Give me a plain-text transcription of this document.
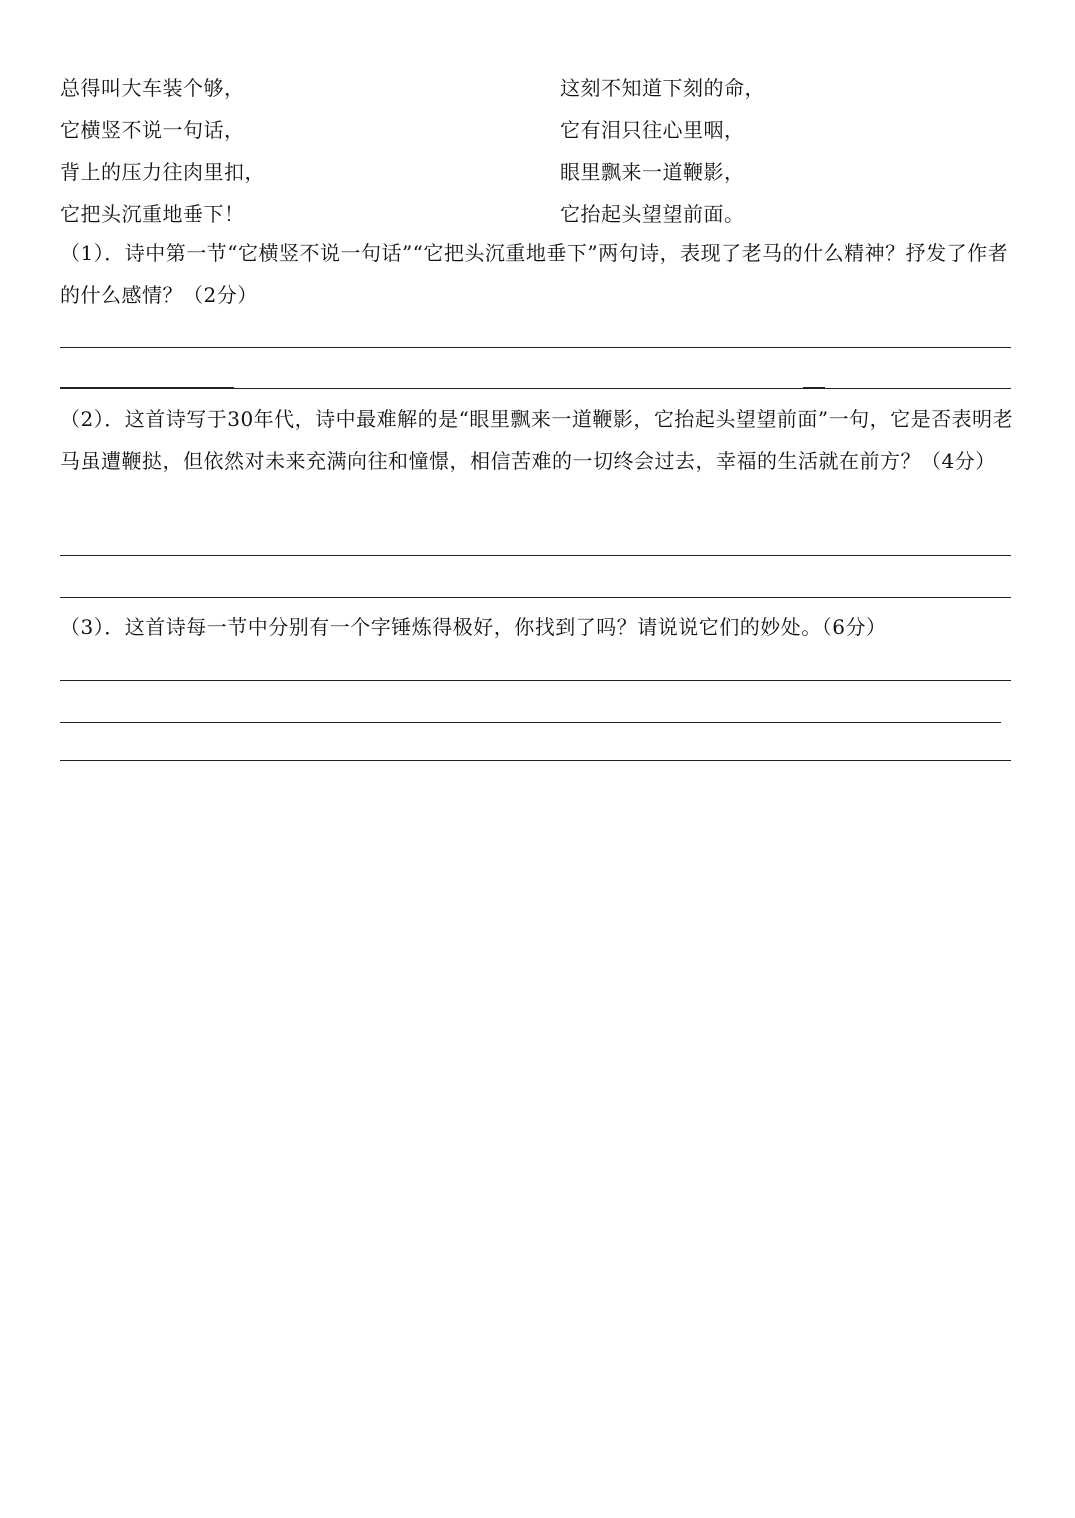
总得叫大车装个够，
它横竖不说一句话，
背上的压力往肉里扣，
它把头沉重地垂下！
这刻不知道下刻的命，
它有泪只往心里咽，
眼里飘来一道鞭影，
它抬起头望望前面。
（1）．诗中第一节“它横竖不说一句话”“它把头沉重地垂下”两句诗，表现了老马的什么精神？抒发了作者的什么感情？（2分）
（2）．这首诗写于30年代，诗中最难解的是“眼里飘来一道鞭影，它抬起头望望前面”一句，它是否表明老马虽遭鞭挞，但依然对未来充满向往和憧憬，相信苦难的一切终会过去，幸福的生活就在前方？（4分）
（3）．这首诗每一节中分别有一个字锤炼得极好，你找到了吗？请说说它们的妙处。（6分）
